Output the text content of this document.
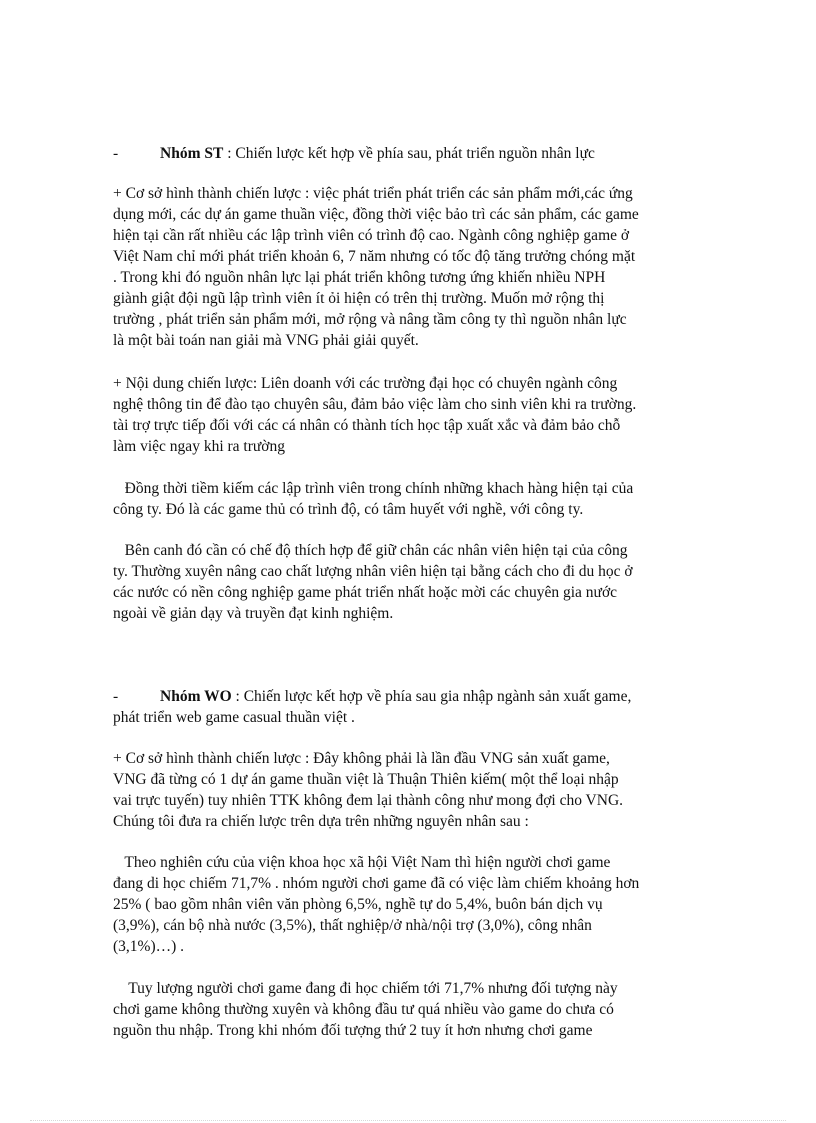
-	Nhóm ST : Chiến lược kết hợp về phía sau, phát triển nguồn nhân lực
+ Cơ sở hình thành chiến lược : việc phát triển phát triển các sản phẩm mới,các ứng
dụng mới, các dự án game thuần việc, đồng thời việc bảo trì các sản phẩm, các game
hiện tại cần rất nhiều các lập trình viên có trình độ cao. Ngành công nghiệp game ở
Việt Nam chỉ mới phát triển khoản 6, 7 năm nhưng có tốc độ tăng trưởng chóng mặt
. Trong khi đó nguồn nhân lực lại phát triển không tương ứng khiến nhiều NPH
giành giật đội ngũ lập trình viên ít ỏi hiện có trên thị trường. Muốn mở rộng thị
trường , phát triển sản phẩm mới, mở rộng và nâng tầm công ty thì nguồn nhân lực
là một bài toán nan giải mà VNG phải giải quyết.
+ Nội dung chiến lược: Liên doanh với các trường đại học có chuyên ngành công
nghệ thông tin để đào tạo chuyên sâu, đảm bảo việc làm cho sinh viên khi ra trường.
tài trợ trực tiếp đối với các cá nhân có thành tích học tập xuất xắc và đảm bảo chỗ
làm việc ngay khi ra trường
Đồng thời tiềm kiếm các lập trình viên trong chính những khach hàng hiện tại của
công ty. Đó là các game thủ có trình độ, có tâm huyết với nghề, với công ty.
Bên canh đó cần có chế độ thích hợp để giữ chân các nhân viên hiện tại của công
ty. Thường xuyên nâng cao chất lượng nhân viên hiện tại bằng cách cho đi du học ở
các nước có nền công nghiệp game phát triển nhất hoặc mời các chuyên gia nước
ngoài về giản dạy và truyền đạt kinh nghiệm.
-	Nhóm WO : Chiến lược kết hợp về phía sau gia nhập ngành sản xuất game,
phát triển web game casual thuần việt .
+ Cơ sở hình thành chiến lược : Đây không phải là lần đầu VNG sản xuất game,
VNG đã từng có 1 dự án game thuần việt là Thuận Thiên kiếm( một thể loại nhập
vai trực tuyến) tuy nhiên TTK không đem lại thành công như mong đợi cho VNG.
Chúng tôi đưa ra chiến lược trên dựa trên những nguyên nhân sau :
Theo nghiên cứu của viện khoa học xã hội Việt Nam thì hiện người chơi game
đang di học chiếm 71,7% . nhóm người chơi game đã có việc làm chiếm khoảng hơn
25% ( bao gồm nhân viên văn phòng 6,5%, nghề tự do 5,4%, buôn bán dịch vụ
(3,9%), cán bộ nhà nước (3,5%), thất nghiệp/ở nhà/nội trợ (3,0%), công nhân
(3,1%)…) .
Tuy lượng người chơi game đang đi học chiếm tới 71,7% nhưng đối tượng này
chơi game không thường xuyên và không đầu tư quá nhiều vào game do chưa có
nguồn thu nhập. Trong khi nhóm đối tượng thứ 2 tuy ít hơn nhưng chơi game
